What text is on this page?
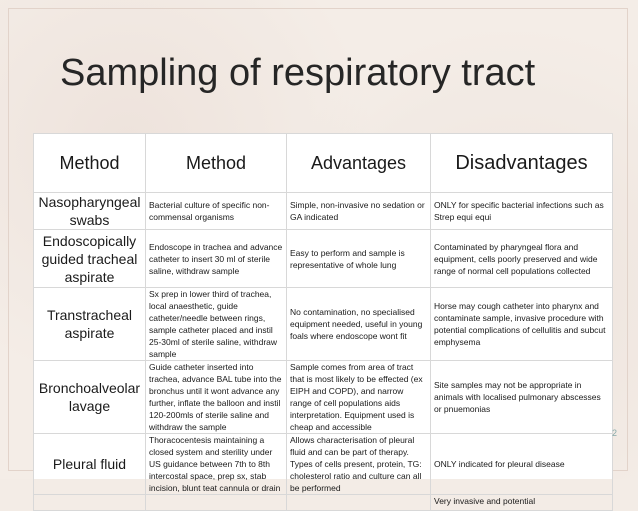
Sampling of respiratory tract
Method	Method	Advantages	Disadvantages
Nasopharyngeal swabs	Bacterial culture of specific non-commensal organisms	Simple, non-invasive no sedation or GA indicated	ONLY for specific bacterial infections such as Strep equi equi
Endoscopically guided tracheal aspirate	Endoscope in trachea and advance catheter to insert 30 ml of sterile saline, withdraw sample	Easy to perform and sample is representative of whole lung	Contaminated by pharyngeal flora and equipment, cells poorly preserved and wide range of normal cell populations collected
Transtracheal aspirate	Sx prep in lower third of trachea, local anaesthetic, guide catheter/needle between rings, sample catheter placed and instil 25-30ml of sterile saline, withdraw sample	No contamination, no specialised equipment needed, useful in young foals where endoscope wont fit	Horse may cough catheter into pharynx and contaminate sample, invasive procedure with potential complications of cellulitis and subcut emphysema
Bronchoalveolar lavage	Guide catheter inserted into trachea, advance BAL tube into the bronchus until it wont advance any further, inflate the balloon and instil 120-200mls of sterile saline and withdraw the sample	Sample comes from area of tract that is most likely to be effected (ex EIPH and COPD), and narrow range of cell populations aids interpretation. Equipment used is cheap and accessible	Site samples may not be appropriate in animals with localised pulmonary abscesses or pnuemonias
Pleural fluid	Thoracocentesis maintaining a closed system and sterility under US guidance between 7th to 8th intercostal space, prep sx, stab incision, blunt teat cannula or drain	Allows characterisation of pleural fluid and can be part of therapy. Types of cells present, protein, TG: cholesterol ratio and culture can all be performed	ONLY indicated for pleural disease
			Very invasive and potential
2
